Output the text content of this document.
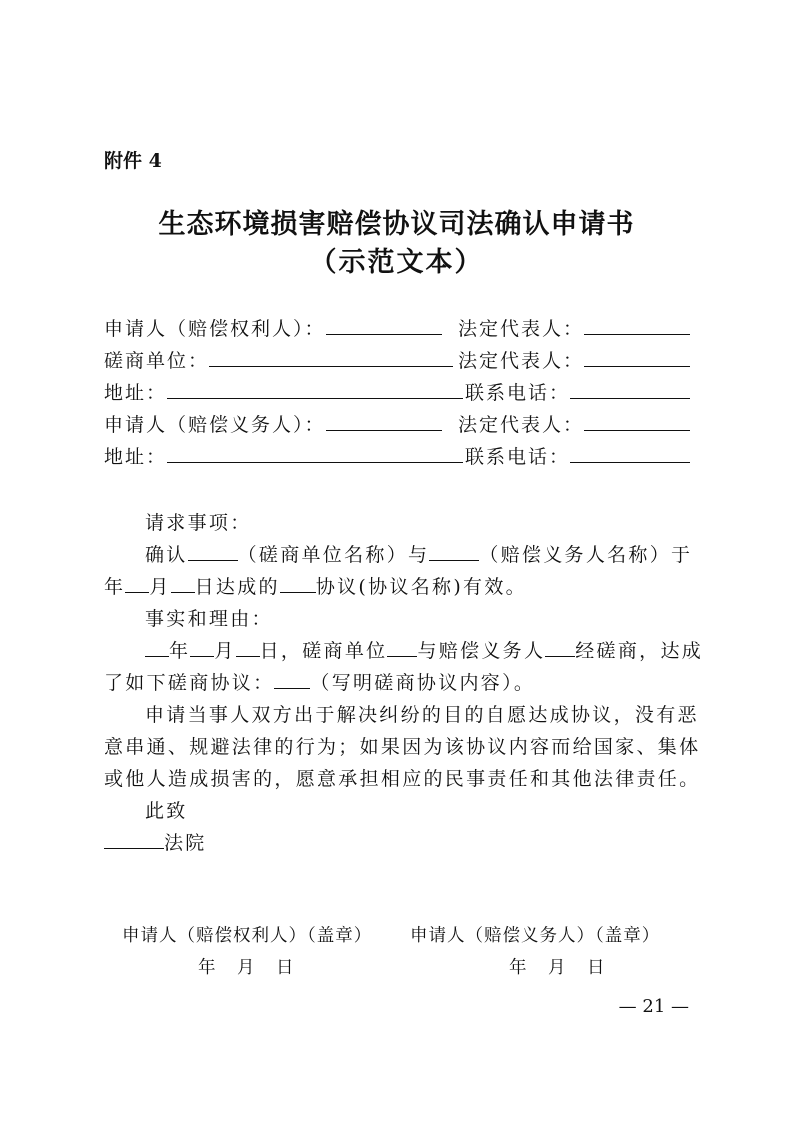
附件 4
生态环境损害赔偿协议司法确认申请书
（示范文本）
申请人（赔偿权利人）：	法定代表人：
磋商单位：	法定代表人：
地址：	联系电话：
申请人（赔偿义务人）：	法定代表人：
地址：	联系电话：
请求事项：
确认	（磋商单位名称）与	（赔偿义务人名称）于
年 月 日达成的 协议(协议名称)有效。
事实和理由：
年 月 日，磋商单位 与赔偿义务人 经磋商，达成
了如下磋商协议： （写明磋商协议内容）。
申请当事人双方出于解决纠纷的目的自愿达成协议，没有恶
意串通、规避法律的行为；如果因为该协议内容而给国家、集体
或他人造成损害的，愿意承担相应的民事责任和其他法律责任。
此致
法院
申请人（赔偿权利人）（盖章） 申请人（赔偿义务人）（盖章）
年　月　日	年　月　日
— 21 —
